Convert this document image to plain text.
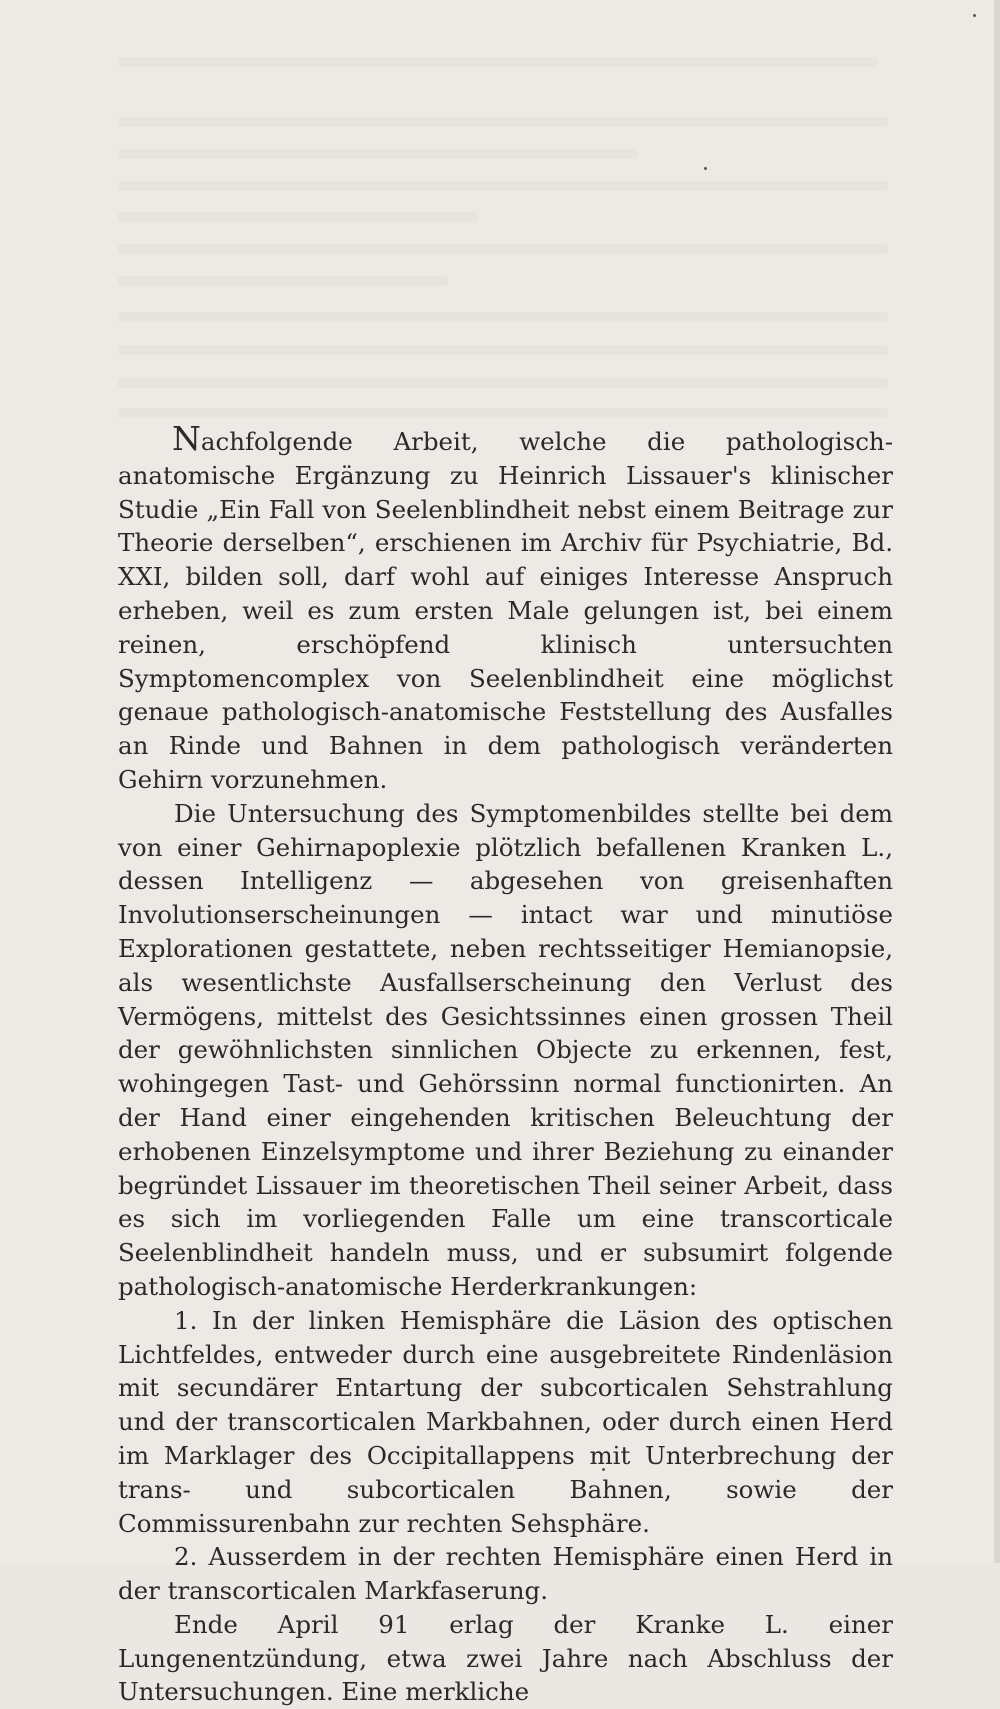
Nachfolgende Arbeit, welche die pathologisch-anatomische Ergänzung zu Heinrich Lissauer's klinischer Studie „Ein Fall von Seelenblindheit nebst einem Beitrage zur Theorie derselben“, erschienen im Archiv für Psychiatrie, Bd. XXI, bilden soll, darf wohl auf einiges Interesse Anspruch erheben, weil es zum ersten Male gelungen ist, bei einem reinen, erschöpfend klinisch untersuchten Symptomencomplex von Seelenblindheit eine möglichst genaue pathologisch-anatomische Feststellung des Ausfalles an Rinde und Bahnen in dem pathologisch veränderten Gehirn vorzunehmen.

Die Untersuchung des Symptomenbildes stellte bei dem von einer Gehirnapoplexie plötzlich befallenen Kranken L., dessen Intelligenz — abgesehen von greisenhaften Involutionserscheinungen — intact war und minutiöse Explorationen gestattete, neben rechtsseitiger Hemianopsie, als wesentlichste Ausfallserscheinung den Verlust des Vermögens, mittelst des Gesichtssinnes einen grossen Theil der gewöhnlichsten sinnlichen Objecte zu erkennen, fest, wohingegen Tast- und Gehörssinn normal functionirten. An der Hand einer eingehenden kritischen Beleuchtung der erhobenen Einzelsymptome und ihrer Beziehung zu einander begründet Lissauer im theoretischen Theil seiner Arbeit, dass es sich im vorliegenden Falle um eine transcorticale Seelenblindheit handeln muss, und er subsumirt folgende pathologisch-anatomische Herderkrankungen:

1. In der linken Hemisphäre die Läsion des optischen Lichtfeldes, entweder durch eine ausgebreitete Rindenläsion mit secundärer Entartung der subcorticalen Sehstrahlung und der transcorticalen Markbahnen, oder durch einen Herd im Marklager des Occipitallappens mit Unterbrechung der trans- und subcorticalen Bahnen, sowie der Commissurenbahn zur rechten Sehsphäre.

2. Ausserdem in der rechten Hemisphäre einen Herd in der transcorticalen Markfaserung.

Ende April 91 erlag der Kranke L. einer Lungenentzündung, etwa zwei Jahre nach Abschluss der Untersuchungen. Eine merkliche
